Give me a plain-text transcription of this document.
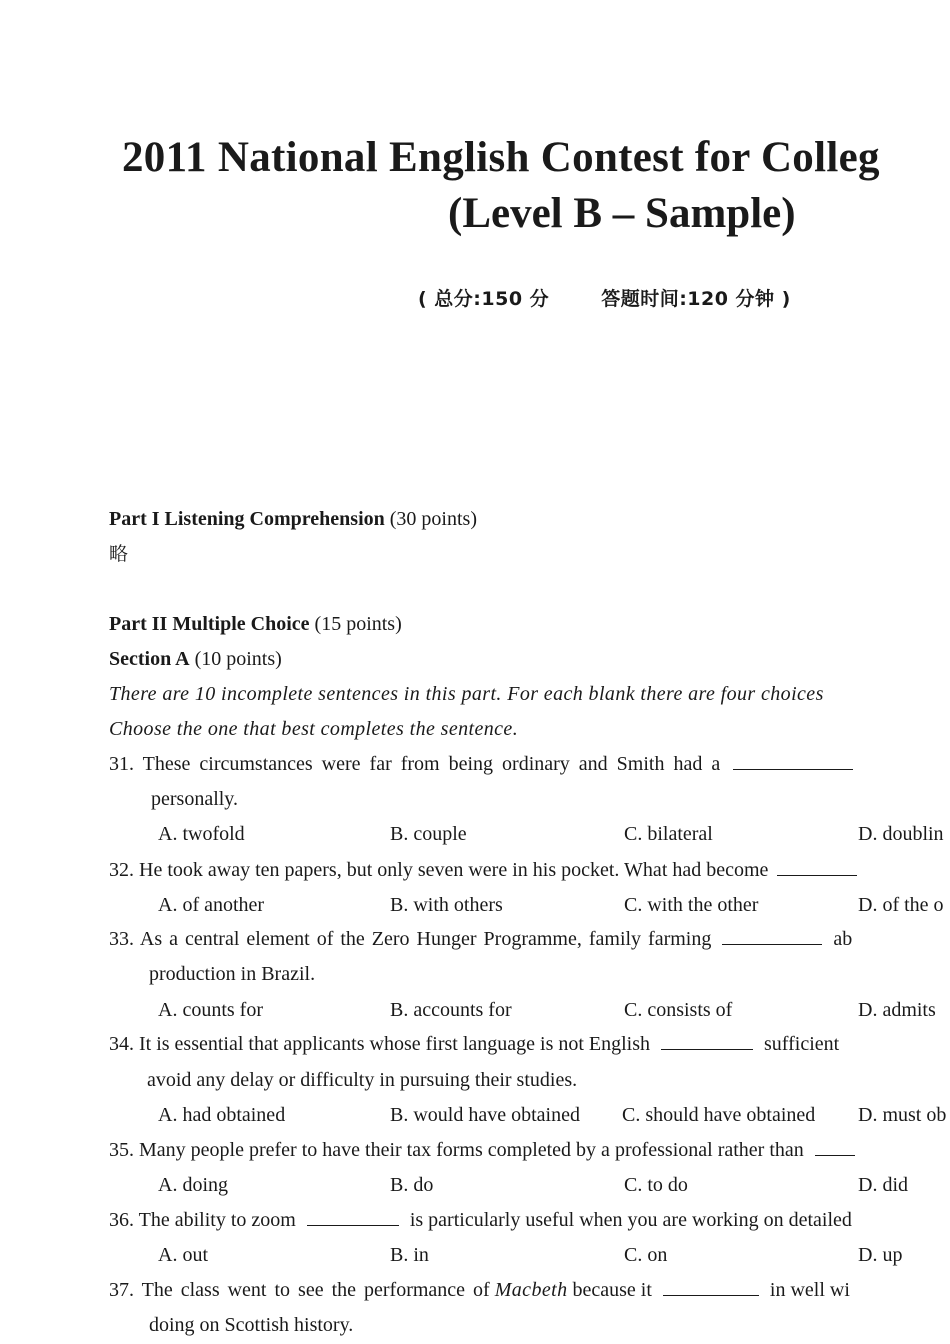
2011 National English Contest for Colleg
(Level B – Sample)
( 总分:150 分	答题时间:120 分钟 )
Part I Listening Comprehension (30 points)
略
Part II Multiple Choice (15 points)
Section A (10 points)
There are 10 incomplete sentences in this part. For each blank there are four choices
Choose the one that best completes the sentence.
31. These circumstances were far from being ordinary and Smith had a
personally.
A. twofold	B. couple	C. bilateral	D. doublin
32. He took away ten papers, but only seven were in his pocket. What had become
A. of another	B. with others	C. with the other	D. of the o
33. As a central element of the Zero Hunger Programme, family farming	ab
production in Brazil.
A. counts for	B. accounts for	C. consists of	D. admits
34. It is essential that applicants whose first language is not English	sufficient
avoid any delay or difficulty in pursuing their studies.
A. had obtained	B. would have obtained C. should have obtained D. must ob
35. Many people prefer to have their tax forms completed by a professional rather than
A. doing	B. do	C. to do	D. did
36. The ability to zoom	is particularly useful when you are working on detailed
A. out	B. in	C. on	D. up
37. The class went to see the performance of Macbeth because it	in well wi
doing on Scottish history.
